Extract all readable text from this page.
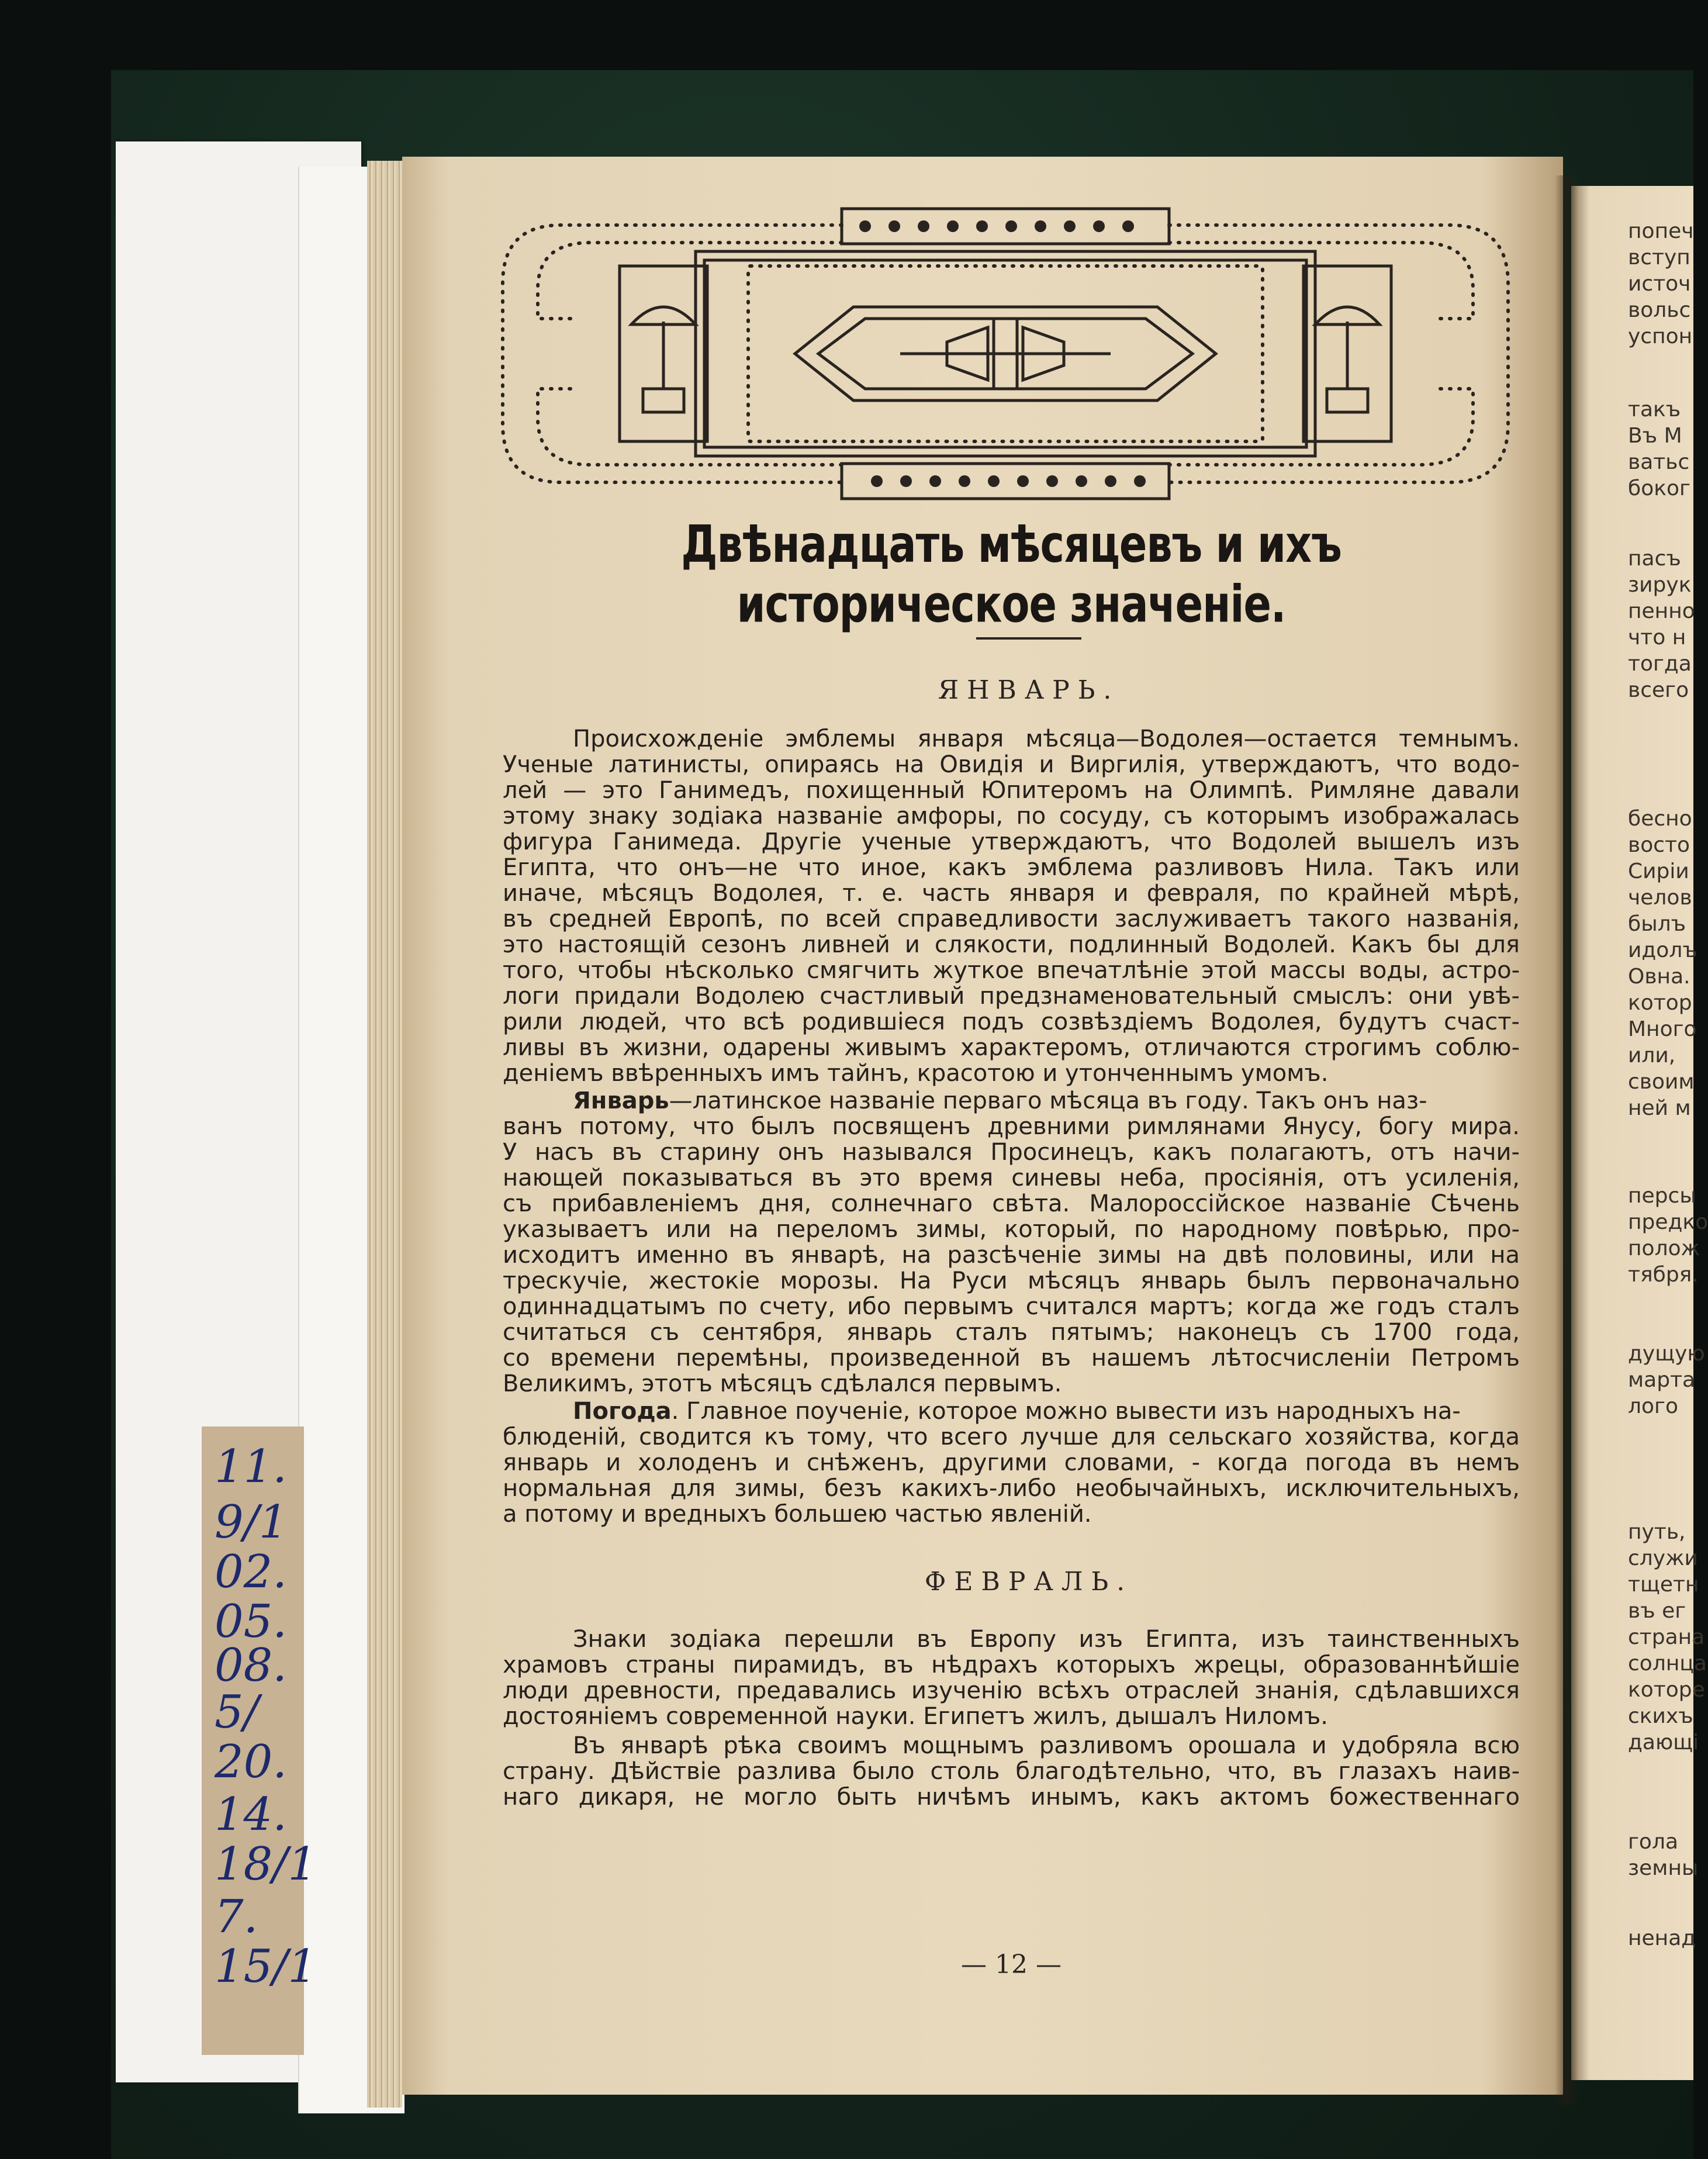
11.
9/1
02.
05.
08.
5/
20.
14.
18/1
7.
15/1
Двѣнадцать мѣсяцевъ и ихъ историческое значеніе.
ЯНВАРЬ.
Происхожденіе эмблемы января мѣсяца—Водолея—остается темнымъ.
Ученые латинисты, опираясь на Овидія и Виргилія, утверждаютъ, что водо-
лей — это Ганимедъ, похищенный Юпитеромъ на Олимпѣ. Римляне давали
этому знаку зодіака названіе амфоры, по сосуду, съ которымъ изображалась
фигура Ганимеда. Другіе ученые утверждаютъ, что Водолей вышелъ изъ
Египта, что онъ—не что иное, какъ эмблема разливовъ Нила. Такъ или
иначе, мѣсяцъ Водолея, т. е. часть января и февраля, по крайней мѣрѣ,
въ средней Европѣ, по всей справедливости заслуживаетъ такого названія,
это настоящій сезонъ ливней и слякости, подлинный Водолей. Какъ бы для
того, чтобы нѣсколько смягчить жуткое впечатлѣніе этой массы воды, астро-
логи придали Водолею счастливый предзнаменовательный смыслъ: они увѣ-
рили людей, что всѣ родившіеся подъ созвѣздіемъ Водолея, будутъ счаст-
ливы въ жизни, одарены живымъ характеромъ, отличаются строгимъ соблю-
деніемъ ввѣренныхъ имъ тайнъ, красотою и утонченнымъ умомъ.
Январь—латинское названіе перваго мѣсяца въ году. Такъ онъ наз-
ванъ потому, что былъ посвященъ древними римлянами Янусу, богу мира.
У насъ въ старину онъ назывался Просинецъ, какъ полагаютъ, отъ начи-
нающей показываться въ это время синевы неба, просіянія, отъ усиленія,
съ прибавленіемъ дня, солнечнаго свѣта. Малороссійское названіе Сѣчень
указываетъ или на переломъ зимы, который, по народному повѣрью, про-
исходитъ именно въ январѣ, на разсѣченіе зимы на двѣ половины, или на
трескучіе, жестокіе морозы. На Руси мѣсяцъ январь былъ первоначально
одиннадцатымъ по счету, ибо первымъ считался мартъ; когда же годъ сталъ
считаться съ сентября, январь сталъ пятымъ; наконецъ съ 1700 года,
со времени перемѣны, произведенной въ нашемъ лѣтосчисленіи Петромъ
Великимъ, этотъ мѣсяцъ сдѣлался первымъ.
Погода. Главное поученіе, которое можно вывести изъ народныхъ на-
блюденій, сводится къ тому, что всего лучше для сельскаго хозяйства, когда
январь и холоденъ и снѣженъ, другими словами, - когда погода въ немъ
нормальная для зимы, безъ какихъ-либо необычайныхъ, исключительныхъ,
а потому и вредныхъ большею частью явленій.
ФЕВРАЛЬ.
Знаки зодіака перешли въ Европу изъ Египта, изъ таинственныхъ
храмовъ страны пирамидъ, въ нѣдрахъ которыхъ жрецы, образованнѣйшіе
люди древности, предавались изученію всѣхъ отраслей знанія, сдѣлавшихся
достояніемъ современной науки. Египетъ жилъ, дышалъ Ниломъ.
Въ январѣ рѣка своимъ мощнымъ разливомъ орошала и удобряла всю
страну. Дѣйствіе разлива было столь благодѣтельно, что, въ глазахъ наив-
наго дикаря, не могло быть ничѣмъ инымъ, какъ актомъ божественнаго
— 12 —
попеч
вступ
источ
вольс
успон
такъ
Въ М
ватьс
боког
пасъ
зирук
пенно
что н
тогда
всего
бесно
восто
Сиріи
челов
былъ
идолъ
Овна.
котор
Много
или,
своим
ней м
персы
предко
полож
тября.
дущую
марта
лого
путь,
служи
тщетн
въ ег
страна
солнца
которе
скихъ
дающі
гола
земны
ненад
